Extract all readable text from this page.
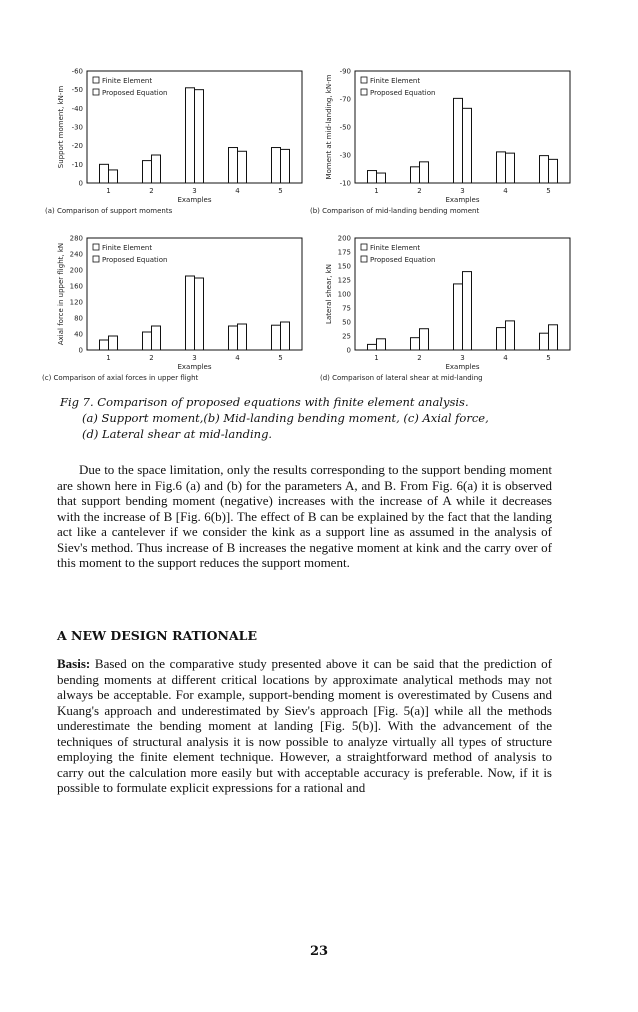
Support moment, kN-m
-60
-50
-40
-30
-20
-10
0
Finite Element
Proposed Equation
1	2	3	4	5
Examples
(a) Comparison of support moments
Moment at mid-landing, kN-m
-90
-70
-50
-30
-10
Finite Element
Proposed Equation
1	2	3	4	5
Examples
(b) Comparison of mid-landing bending moment
Axial force in upper flight, kN
280
240
200
160
120
80
40
0
Finite Element
Proposed Equation
1	2	3	4	5
Examples
(c) Comparison of axial forces in upper flight
Lateral shear, kN
200
175
150
125
100
75
50
25
0
Finite Element
Proposed Equation
1	2	3	4	5
Examples
(d) Comparison of lateral shear at mid-landing
Fig 7. Comparison of proposed equations with finite element analysis.
(a) Support moment,(b) Mid-landing bending moment, (c) Axial force,
(d) Lateral shear at mid-landing.

Due to the space limitation, only the results corresponding to the support bending moment are shown here in Fig.6 (a) and (b) for the parameters A, and B. From Fig. 6(a) it is observed that support bending moment (negative) increases with the increase of A while it decreases with the increase of B [Fig. 6(b)]. The effect of B can be explained by the fact that the landing act like a cantelever if we consider the kink as a support line as assumed in the analysis of Siev's method. Thus increase of B increases the negative moment at kink and the carry over of this moment to the support reduces the support moment.

A NEW DESIGN RATIONALE

Basis: Based on the comparative study presented above it can be said that the prediction of bending moments at different critical locations by approximate analytical methods may not always be acceptable. For example, support-bending moment is overestimated by Cusens and Kuang's approach and underestimated by Siev's approach [Fig. 5(a)] while all the methods underestimate the bending moment at landing [Fig. 5(b)]. With the advancement of the techniques of structural analysis it is now possible to analyze virtually all types of structure employing the finite element technique. However, a straightforward method of analysis to carry out the calculation more easily but with acceptable accuracy is preferable. Now, if it is possible to formulate explicit expressions for a rational and

23
